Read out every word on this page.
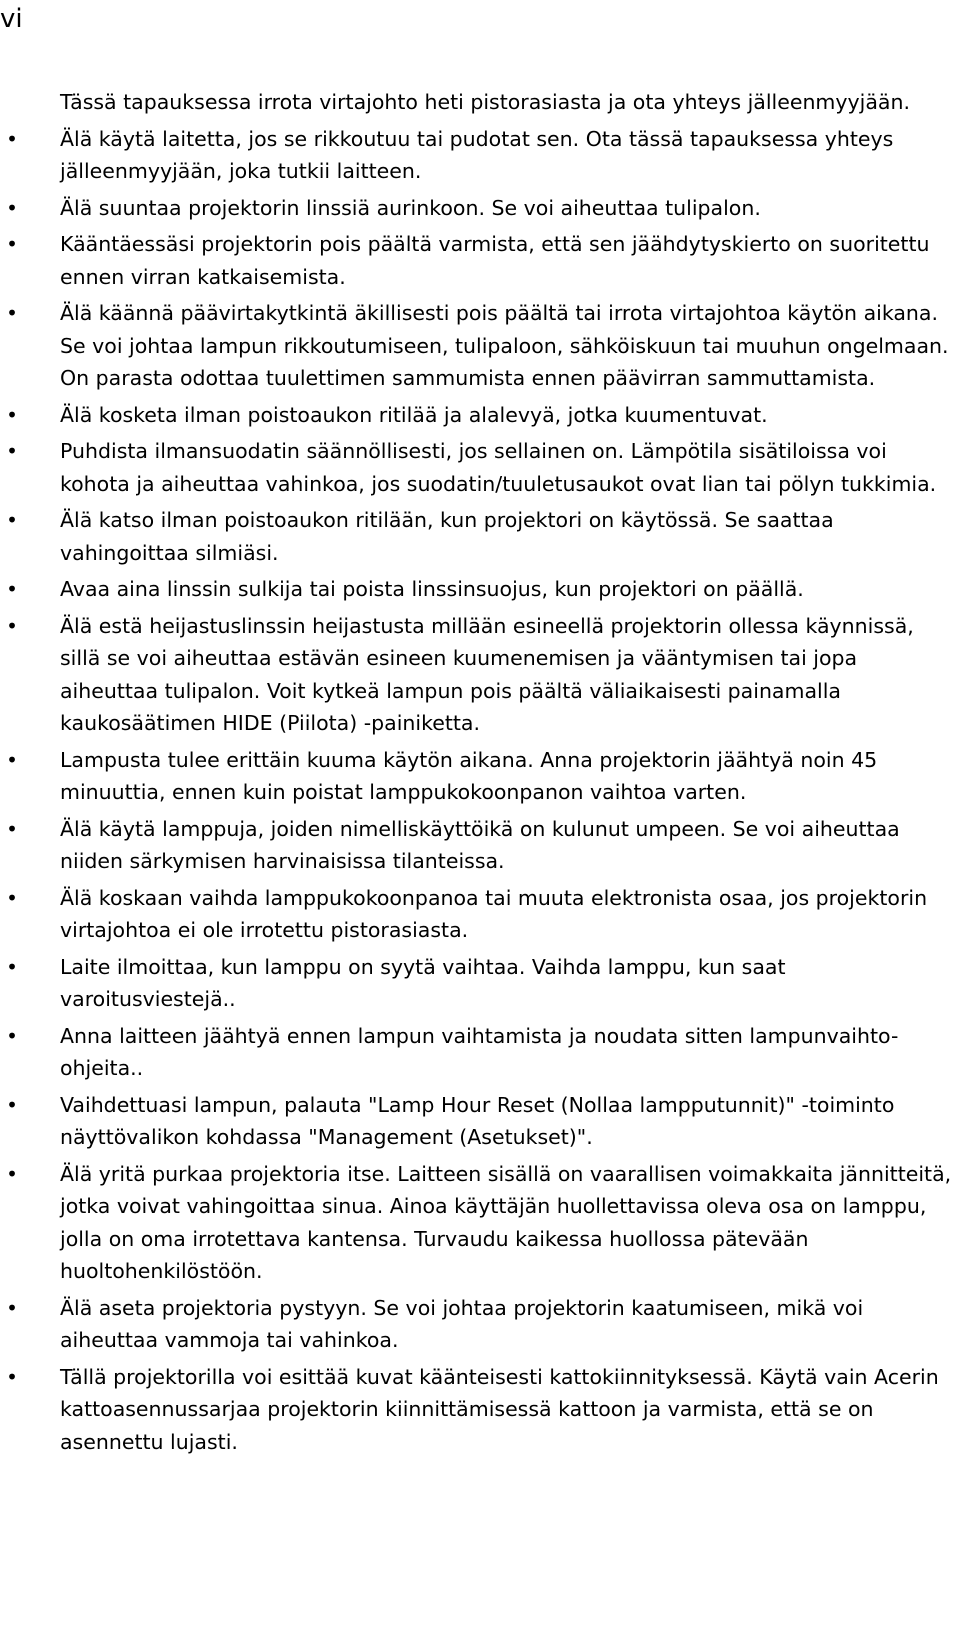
vi
Tässä tapauksessa irrota virtajohto heti pistorasiasta ja ota yhteys jälleenmyyjään.
• Älä käytä laitetta, jos se rikkoutuu tai pudotat sen. Ota tässä tapauksessa yhteys jälleenmyyjään, joka tutkii laitteen.
• Älä suuntaa projektorin linssiä aurinkoon. Se voi aiheuttaa tulipalon.
• Kääntäessäsi projektorin pois päältä varmista, että sen jäähdytyskierto on suoritettu ennen virran katkaisemista.
• Älä käännä päävirtakytkintä äkillisesti pois päältä tai irrota virtajohtoa käytön aikana. Se voi johtaa lampun rikkoutumiseen, tulipaloon, sähköiskuun tai muuhun ongelmaan. On parasta odottaa tuulettimen sammumista ennen päävirran sammuttamista.
• Älä kosketa ilman poistoaukon ritilää ja alalevyä, jotka kuumentuvat.
• Puhdista ilmansuodatin säännöllisesti, jos sellainen on. Lämpötila sisätiloissa voi kohota ja aiheuttaa vahinkoa, jos suodatin/tuuletusaukot ovat lian tai pölyn tukkimia.
• Älä katso ilman poistoaukon ritilään, kun projektori on käytössä. Se saattaa vahingoittaa silmiäsi.
• Avaa aina linssin sulkija tai poista linssinsuojus, kun projektori on päällä.
• Älä estä heijastuslinssin heijastusta millään esineellä projektorin ollessa käynnissä, sillä se voi aiheuttaa estävän esineen kuumenemisen ja vääntymisen tai jopa aiheuttaa tulipalon. Voit kytkeä lampun pois päältä väliaikaisesti painamalla kaukosäätimen HIDE (Piilota) -painiketta.
• Lampusta tulee erittäin kuuma käytön aikana. Anna projektorin jäähtyä noin 45 minuuttia, ennen kuin poistat lamppukokoonpanon vaihtoa varten.
• Älä käytä lamppuja, joiden nimelliskäyttöikä on kulunut umpeen. Se voi aiheuttaa niiden särkymisen harvinaisissa tilanteissa.
• Älä koskaan vaihda lamppukokoonpanoa tai muuta elektronista osaa, jos projektorin virtajohtoa ei ole irrotettu pistorasiasta.
• Laite ilmoittaa, kun lamppu on syytä vaihtaa. Vaihda lamppu, kun saat varoitusviestejä..
• Anna laitteen jäähtyä ennen lampun vaihtamista ja noudata sitten lampunvaihto-ohjeita..
• Vaihdettuasi lampun, palauta "Lamp Hour Reset (Nollaa lampputunnit)" -toiminto näyttövalikon kohdassa "Management (Asetukset)".
• Älä yritä purkaa projektoria itse. Laitteen sisällä on vaarallisen voimakkaita jännitteitä, jotka voivat vahingoittaa sinua. Ainoa käyttäjän huollettavissa oleva osa on lamppu, jolla on oma irrotettava kantensa. Turvaudu kaikessa huollossa pätevään huoltohenkilöstöön.
• Älä aseta projektoria pystyyn. Se voi johtaa projektorin kaatumiseen, mikä voi aiheuttaa vammoja tai vahinkoa.
• Tällä projektorilla voi esittää kuvat käänteisesti kattokiinnityksessä. Käytä vain Acerin kattoasennussarjaa projektorin kiinnittämisessä kattoon ja varmista, että se on asennettu lujasti.
